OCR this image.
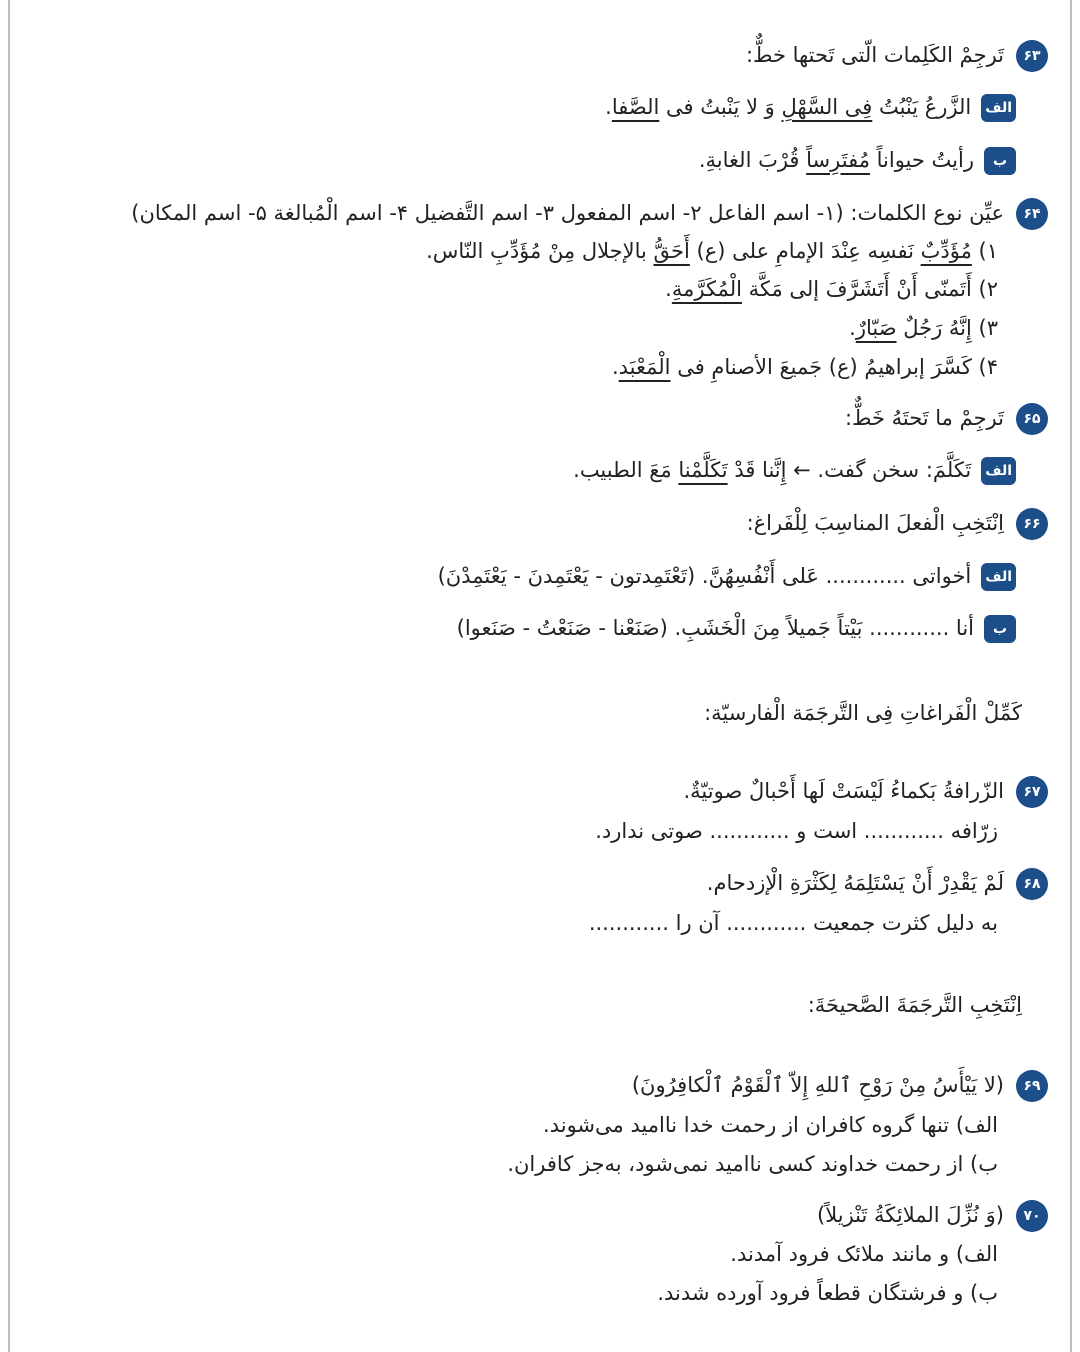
۶۳تَرجِمْ الکَلِمات الّتی تَحتها خطٌّ:
الفالزَّرعُ یَنْبُتُ فِی السَّهْلِ وَ لا یَنْبتُ فی الصَّفا.
برأیتُ حیواناً مُفتَرِساً قُرْبَ الغابةِ.
۶۴عیِّن نوع الکلمات: (۱- اسم الفاعل ۲- اسم المفعول ۳- اسم التَّفضیل ۴- اسم الْمُبالغة ۵- اسم المکان)
۱) مُؤَدِّبٌ نَفسِه عِنْدَ الإمامِ علی (ع) أَحَقُّ بالإجلال مِنْ مُؤَدِّبِ النّاس.
۲) أَتَمنّی أَنْ أَتَشَرَّفَ إلی مَکَّة الْمُکَرَّمةِ.
۳) إِنَّهُ رَجُلٌ صَبّارٌ.
۴) کَسَّرَ إبراهیمُ (ع) جَمیعَ الأصنامِ فی الْمَعْبَد.
۶۵تَرجِمْ ما تَحتَهُ خَطٌّ:
الفتَکَلَّمَ: سخن گفت. ← إِنَّنا قَدْ تَکَلَّمْنا مَعَ الطبیب.
۶۶اِنْتَخِبِ الْفعلَ المناسِبَ لِلْفَراغ:
الفأخواتی ............ عَلی أَنْفُسِهُنَّ. (تَعْتَمِدتون - یَعْتَمِدنَ - یَعْتَمِدْنَ)
بأنا ............ بَیْتاً جَمیلاً مِنَ الْخَشَبِ. (صَنَعْنا - صَنَعْتُ - صَنَعوا)
کَمِّلْ الْفَراغاتِ فِی التَّرجَمَة الْفارسیّة:
۶۷الزّرافةُ بَکماءُ لَیْسَتْ لَها أَحْبالٌ صوتیّةٌ.
زرّافه ............ است و ............ صوتی ندارد.
۶۸لَمْ یَقْدِرْ أَنْ یَسْتَلِمَهُ لِکَثْرَةِ الْإزدحام.
به دلیل کثرت جمعیت ............ آن را ............
اِنْتَخِبِ التَّرجَمَةَ الصَّحیحَةَ:
۶۹(لا یَیْأَسُ مِنْ رَوْحِ ٱللهِ إِلاّ ٱلْقَوْمُ ٱلْکافِرُونَ)
الف) تنها گروه کافران از رحمت خدا ناامید می‌شوند.
ب) از رحمت خداوند کسی ناامید نمی‌شود، به‌جز کافران.
۷۰(وَ نُزِّلَ الملائِکَةُ تَنْزیلاً)
الف) و مانند ملائک فرود آمدند.
ب) و فرشتگان قطعاً فرود آورده شدند.
